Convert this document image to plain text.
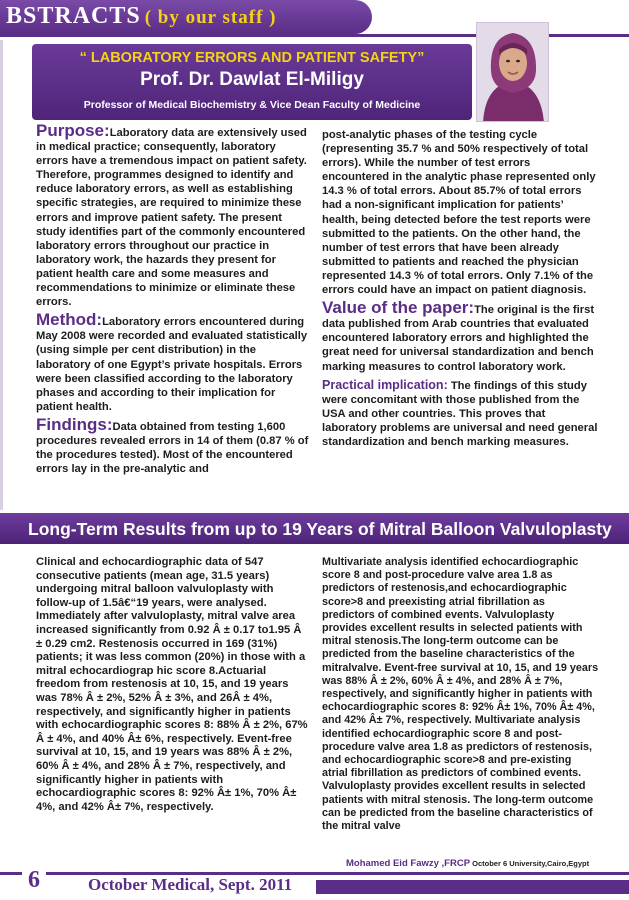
BSTRACTS ( by our staff )
“ LABORATORY ERRORS AND PATIENT SAFETY”
Prof. Dr. Dawlat El-Miligy
Professor of Medical Biochemistry & Vice Dean Faculty of Medicine

Purpose:Laboratory data are extensively used in medical practice; consequently, laboratory errors have a tremendous impact on patient safety. Therefore, programmes designed to identify and reduce laboratory errors, as well as establishing specific strategies, are required to minimize these errors and improve patient safety. The present study identifies part of the commonly encountered laboratory errors throughout our practice in laboratory work, the hazards they present for patient health care and some measures and recommendations to minimize or eliminate these errors.

Method:Laboratory errors encountered during May 2008 were recorded and evaluated statistically (using simple per cent distribution) in the laboratory of one Egypt’s private hospitals. Errors were been classified according to the laboratory phases and according to their implication for patient health.

Findings:Data obtained from testing 1,600 procedures revealed errors in 14 of them (0.87 % of the procedures tested). Most of the encountered errors lay in the pre-analytic and

post-analytic phases of the testing cycle (representing 35.7 % and 50% respectively of total errors). While the number of test errors encountered in the analytic phase represented only 14.3 % of total errors. About 85.7% of total errors had a non-significant implication for patients’ health, being detected before the test reports were submitted to the patients. On the other hand, the number of test errors that have been already submitted to patients and reached the physician represented 14.3 % of total errors. Only 7.1% of the errors could have an impact on patient diagnosis.

Value of the paper:The original is the first data published from Arab countries that evaluated encountered laboratory errors and highlighted the great need for universal standardization and bench marking measures to control laboratory work.

Practical implication: The findings of this study were concomitant with those published from the USA and other countries. This proves that laboratory problems are universal and need general standardization and bench marking measures.

Long-Term Results from up to 19 Years of Mitral Balloon Valvuloplasty

Clinical and echocardiographic data of 547 consecutive patients (mean age, 31.5 years) undergoing mitral balloon valvuloplasty with follow-up of 1.5â€“19 years, were analysed. Immediately after valvuloplasty, mitral valve area increased significantly from 0.92 Â ± 0.17 to1.95 Â ± 0.29 cm2. Restenosis occurred in 169 (31%) patients; it was less common (20%) in those with a mitral echocardiograp hic score 8.Actuarial freedom from restenosis at 10, 15, and 19 years was 78% Â ± 2%, 52% Â ± 3%, and 26Â ± 4%, respectively, and significantly higher in patients with echocardiographic scores 8: 88% Â ± 2%, 67% Â ± 4%, and 40% Â± 6%, respectively. Event-free survival at 10, 15, and 19 years was 88% Â ± 2%, 60% Â ± 4%, and 28% Â ± 7%, respectively, and significantly higher in patients with echocardiographic scores 8: 92% Â± 1%, 70% Â± 4%, and 42% Â± 7%, respectively.

Multivariate analysis identified echocardiographic score 8 and post-procedure valve area 1.8 as predictors of restenosis,and echocardiographic score>8 and preexisting atrial fibrillation as predictors of combined events. Valvuloplasty provides excellent results in selected patients with mitral stenosis.The long-term outcome can be predicted from the baseline characteristics of the mitralvalve. Event-free survival at 10, 15, and 19 years was 88% Â ± 2%, 60% Â ± 4%, and 28% Â ± 7%, respectively, and significantly higher in patients with echocardiographic scores 8: 92% Â± 1%, 70% Â± 4%, and 42% Â± 7%, respectively. Multivariate analysis identified echocardiographic score 8 and post-procedure valve area 1.8 as predictors of restenosis, and echocardiographic score>8 and pre-existing atrial fibrillation as predictors of combined events. Valvuloplasty provides excellent results in selected patients with mitral stenosis. The long-term outcome can be predicted from the baseline characteristics of the mitral valve

Mohamed Eid Fawzy ,FRCP October 6 University,Cairo,Egypt
6	October Medical, Sept. 2011
